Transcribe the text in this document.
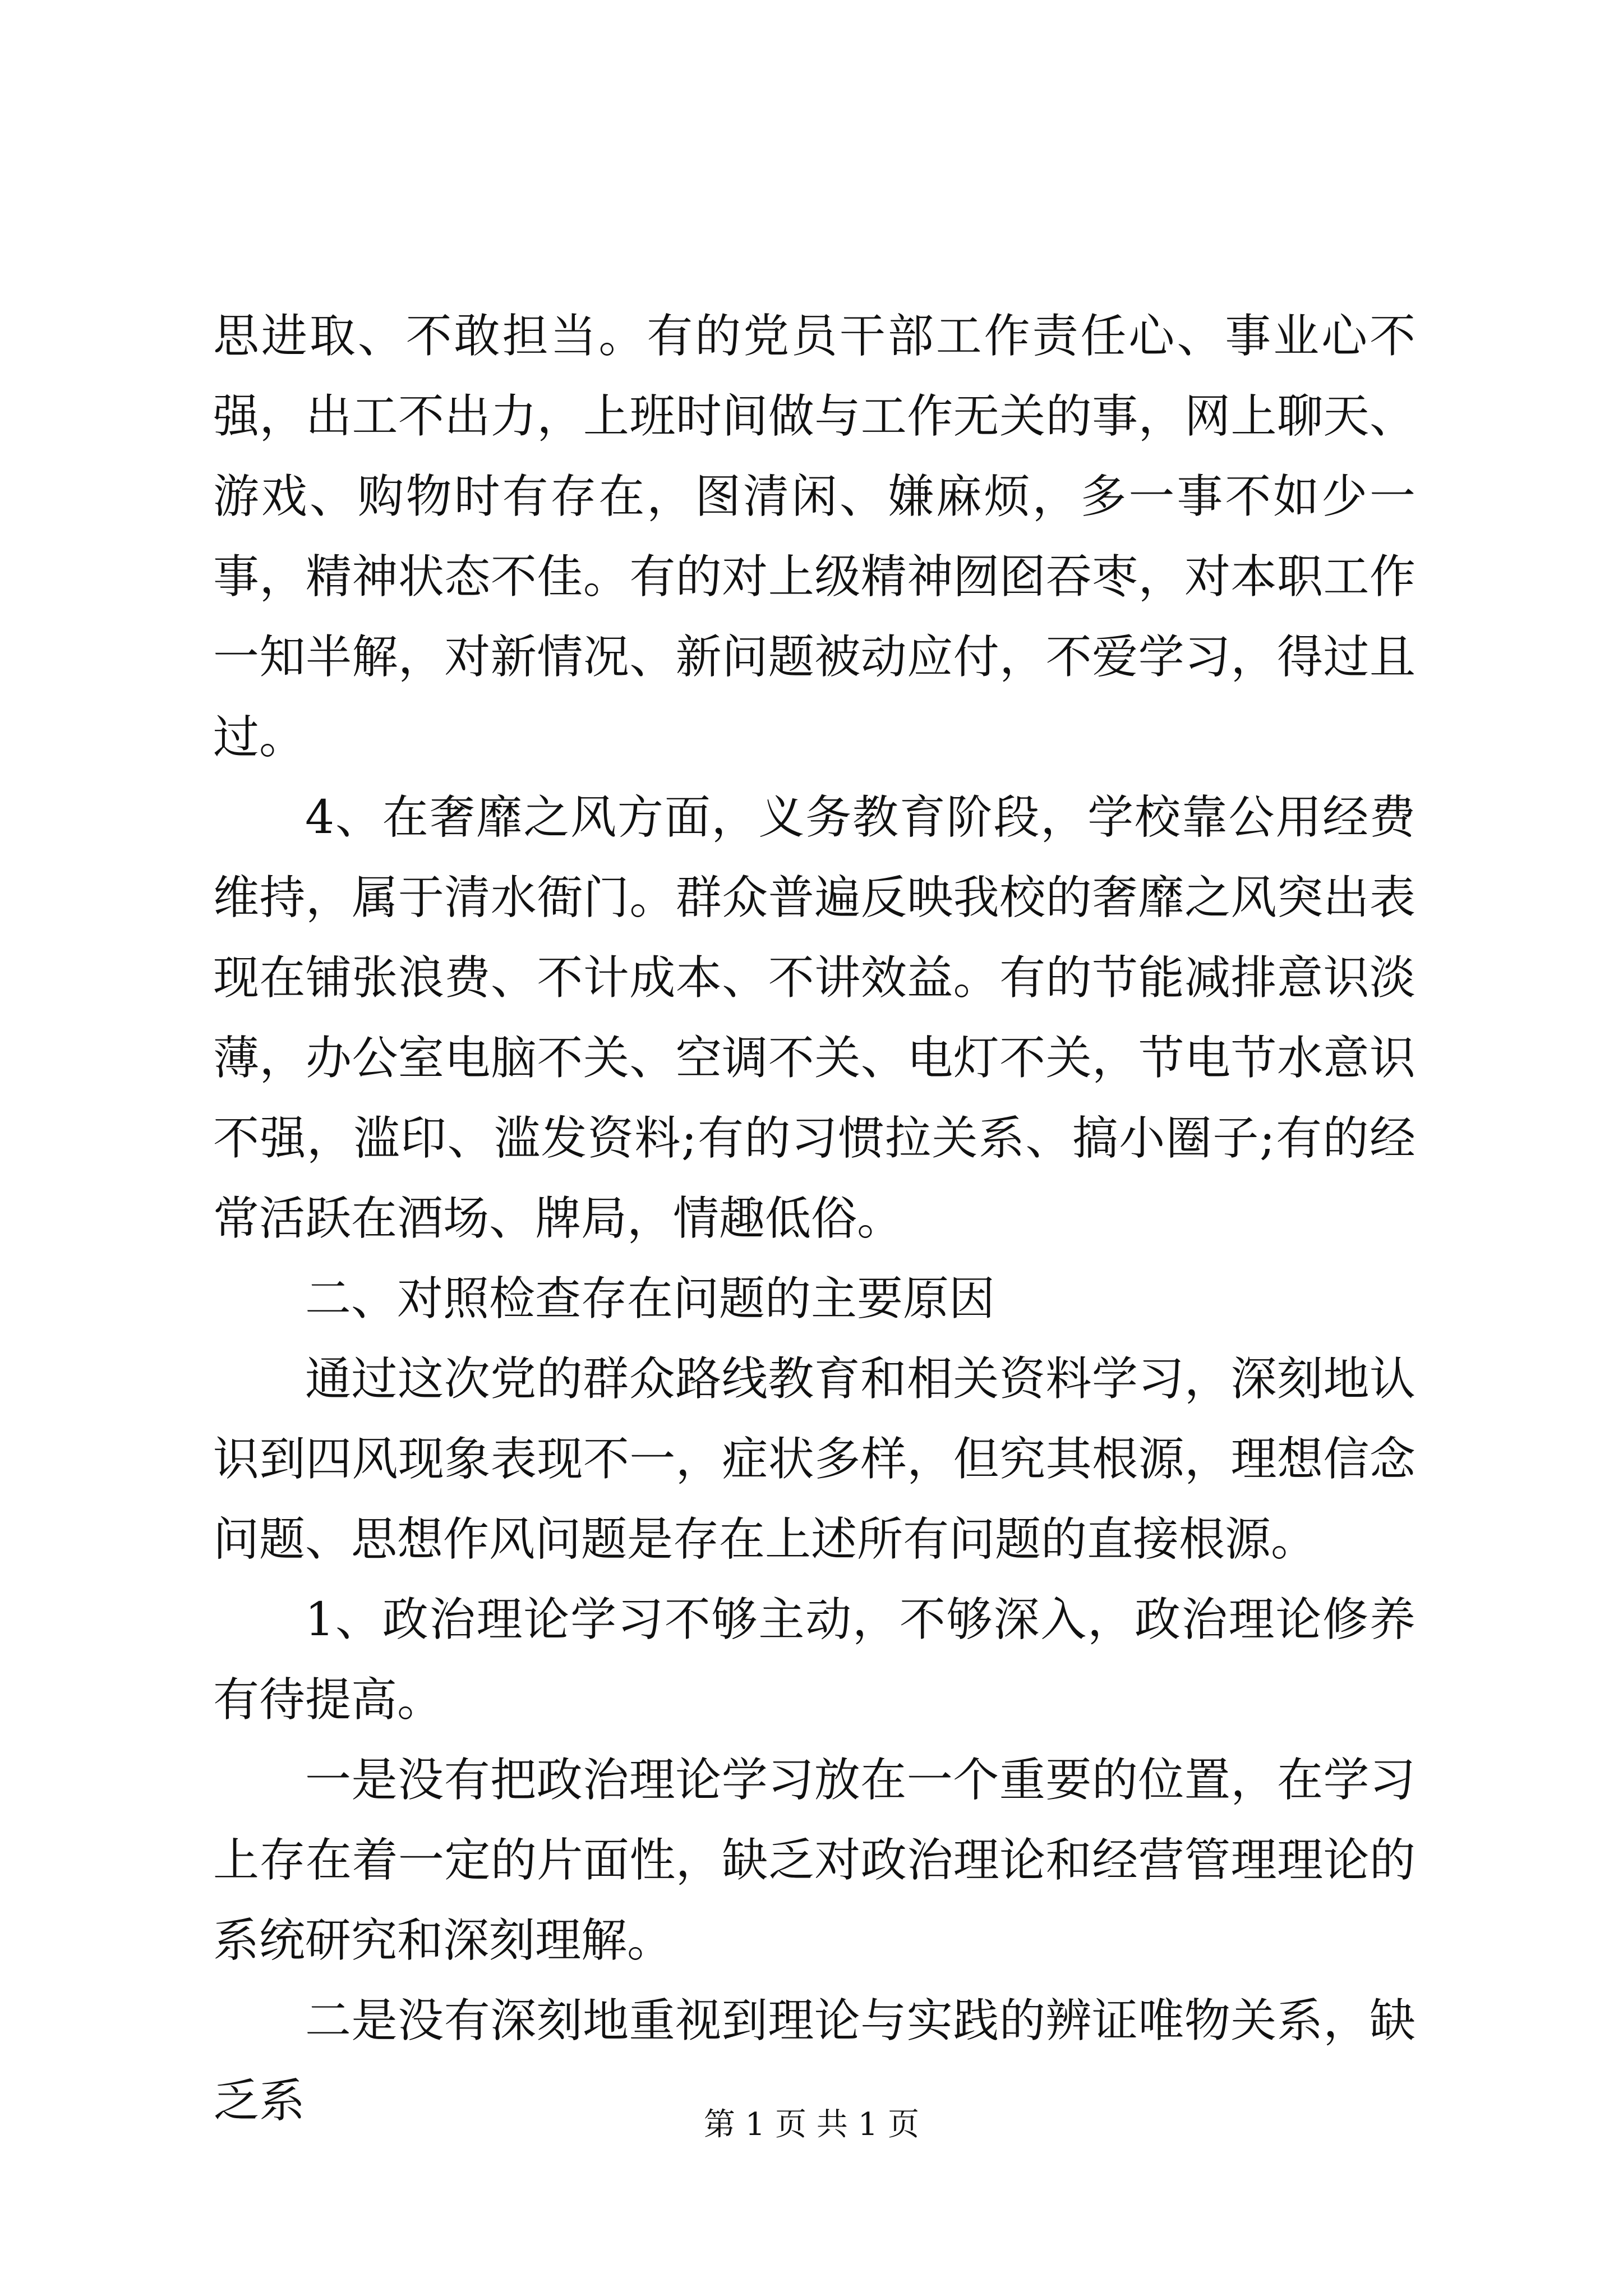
思进取、不敢担当。有的党员干部工作责任心、事业心不强，出工不出力，上班时间做与工作无关的事，网上聊天、游戏、购物时有存在，图清闲、嫌麻烦，多一事不如少一事，精神状态不佳。有的对上级精神囫囵吞枣，对本职工作一知半解，对新情况、新问题被动应付，不爱学习，得过且过。

4、在奢靡之风方面，义务教育阶段，学校靠公用经费维持，属于清水衙门。群众普遍反映我校的奢靡之风突出表现在铺张浪费、不计成本、不讲效益。有的节能减排意识淡薄，办公室电脑不关、空调不关、电灯不关，节电节水意识不强，滥印、滥发资料;有的习惯拉关系、搞小圈子;有的经常活跃在酒场、牌局，情趣低俗。

二、对照检查存在问题的主要原因

通过这次党的群众路线教育和相关资料学习，深刻地认识到四风现象表现不一，症状多样，但究其根源，理想信念问题、思想作风问题是存在上述所有问题的直接根源。

1、政治理论学习不够主动，不够深入，政治理论修养有待提高。

一是没有把政治理论学习放在一个重要的位置，在学习上存在着一定的片面性，缺乏对政治理论和经营管理理论的系统研究和深刻理解。

二是没有深刻地重视到理论与实践的辨证唯物关系，缺乏系	第 1 页 共 1 页
